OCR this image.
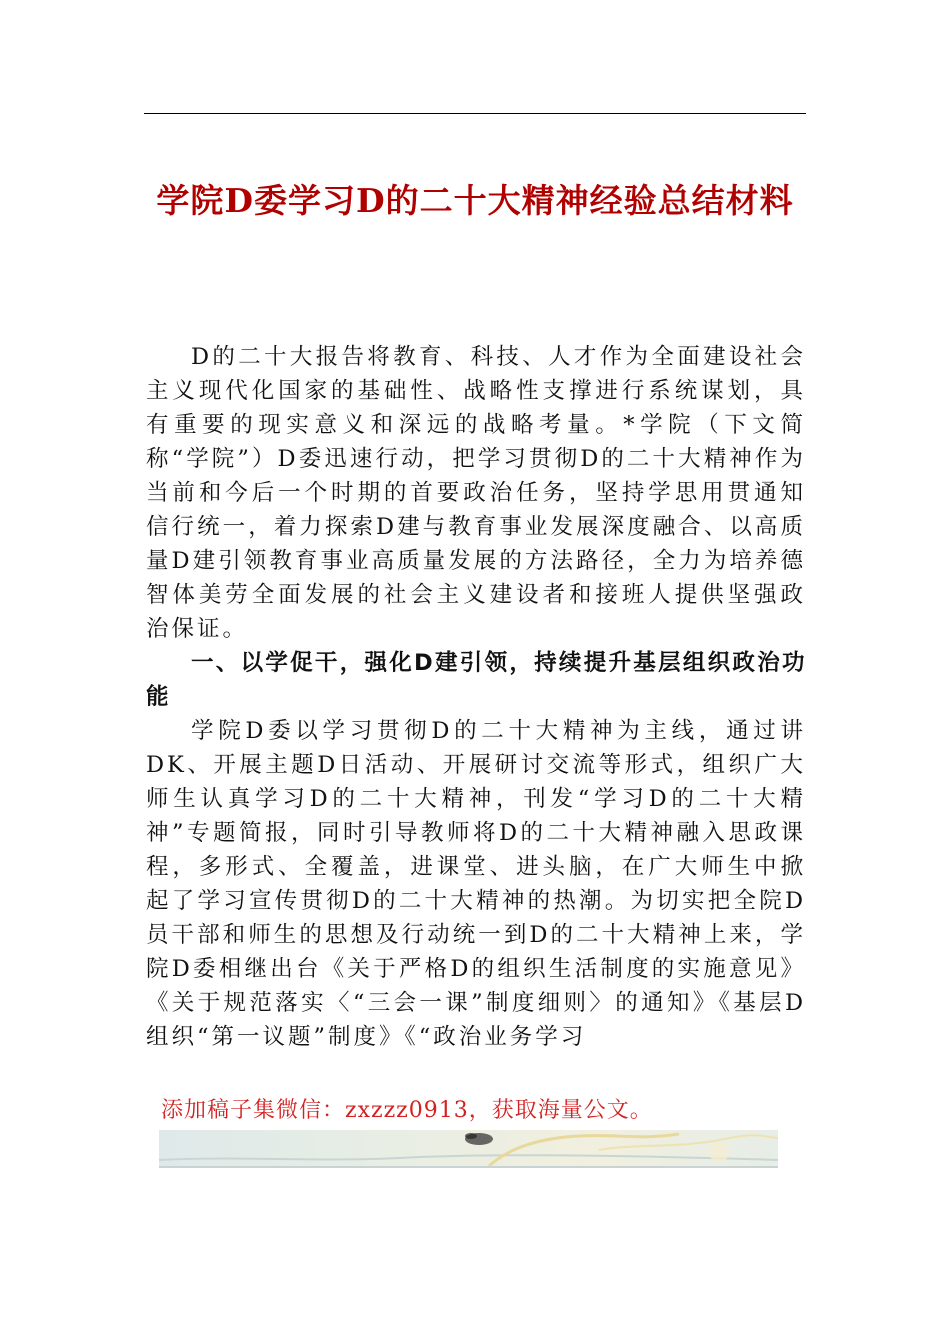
学院D委学习D的二十大精神经验总结材料

D的二十大报告将教育、科技、人才作为全面建设社会主义现代化国家的基础性、战略性支撑进行系统谋划，具有重要的现实意义和深远的战略考量。*学院（下文简称“学院”）D委迅速行动，把学习贯彻D的二十大精神作为当前和今后一个时期的首要政治任务，坚持学思用贯通知信行统一，着力探索D建与教育事业发展深度融合、以高质量D建引领教育事业高质量发展的方法路径，全力为培养德智体美劳全面发展的社会主义建设者和接班人提供坚强政治保证。

一、以学促干，强化D建引领，持续提升基层组织政治功能

学院D委以学习贯彻D的二十大精神为主线，通过讲DK、开展主题D日活动、开展研讨交流等形式，组织广大师生认真学习D的二十大精神，刊发“学习D的二十大精神”专题简报，同时引导教师将D的二十大精神融入思政课程，多形式、全覆盖，进课堂、进头脑，在广大师生中掀起了学习宣传贯彻D的二十大精神的热潮。为切实把全院D员干部和师生的思想及行动统一到D的二十大精神上来，学院D委相继出台《关于严格D的组织生活制度的实施意见》《关于规范落实〈“三会一课”制度细则〉的通知》《基层D组织“第一议题”制度》《“政治业务学习

添加稿子集微信：zxzzz0913，获取海量公文。
